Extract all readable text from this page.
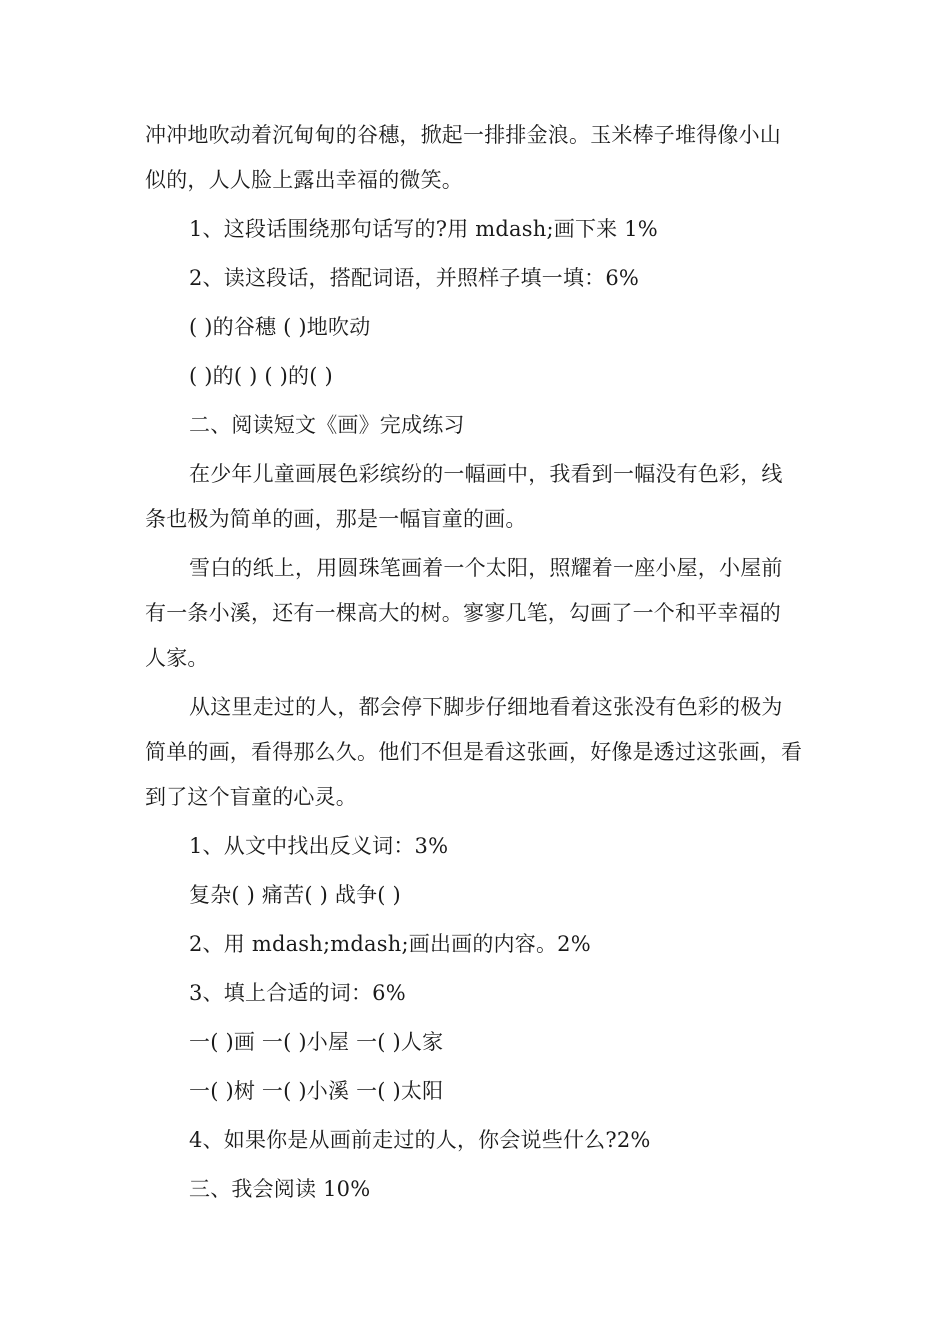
冲冲地吹动着沉甸甸的谷穗，掀起一排排金浪。玉米棒子堆得像小山

似的，人人脸上露出幸福的微笑。

1、这段话围绕那句话写的?用 mdash;画下来 1%

2、读这段话，搭配词语，并照样子填一填：6%

( )的谷穗 ( )地吹动

( )的( ) ( )的( )

二、阅读短文《画》完成练习

在少年儿童画展色彩缤纷的一幅画中，我看到一幅没有色彩，线

条也极为简单的画，那是一幅盲童的画。

雪白的纸上，用圆珠笔画着一个太阳，照耀着一座小屋，小屋前

有一条小溪，还有一棵高大的树。寥寥几笔，勾画了一个和平幸福的

人家。

从这里走过的人，都会停下脚步仔细地看着这张没有色彩的极为

简单的画，看得那么久。他们不但是看这张画，好像是透过这张画，看

到了这个盲童的心灵。

1、从文中找出反义词：3%

复杂( ) 痛苦( ) 战争( )

2、用 mdash;mdash;画出画的内容。2%

3、填上合适的词：6%

一( )画 一( )小屋 一( )人家

一( )树 一( )小溪 一( )太阳

4、如果你是从画前走过的人，你会说些什么?2%

三、我会阅读 10%
